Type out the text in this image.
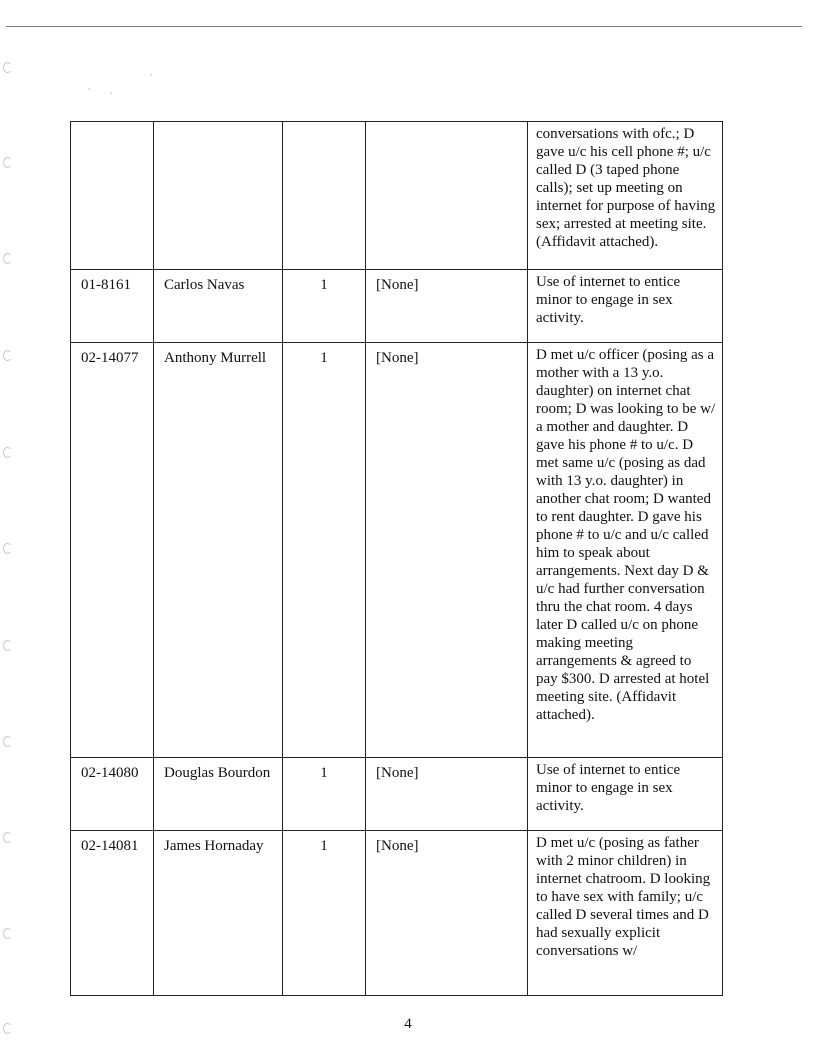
				conversations with ofc.; D gave u/c his cell phone #; u/c called D (3 taped phone calls); set up meeting on internet for purpose of having sex; arrested at meeting site. (Affidavit attached).
01-8161	Carlos Navas	1	[None]	Use of internet to entice minor to engage in sex activity.
02-14077	Anthony Murrell	1	[None]	D met u/c officer (posing as a mother with a 13 y.o. daughter) on internet chat room; D was looking to be w/ a mother and daughter. D gave his phone # to u/c. D met same u/c (posing as dad with 13 y.o. daughter) in another chat room; D wanted to rent daughter. D gave his phone # to u/c and u/c called him to speak about arrangements. Next day D & u/c had further conversation thru the chat room. 4 days later D called u/c on phone making meeting arrangements & agreed to pay $300. D arrested at hotel meeting site. (Affidavit attached).
02-14080	Douglas Bourdon	1	[None]	Use of internet to entice minor to engage in sex activity.
02-14081	James Hornaday	1	[None]	D met u/c (posing as father with 2 minor children) in internet chatroom. D looking to have sex with family; u/c called D several times and D had sexually explicit conversations w/
4
